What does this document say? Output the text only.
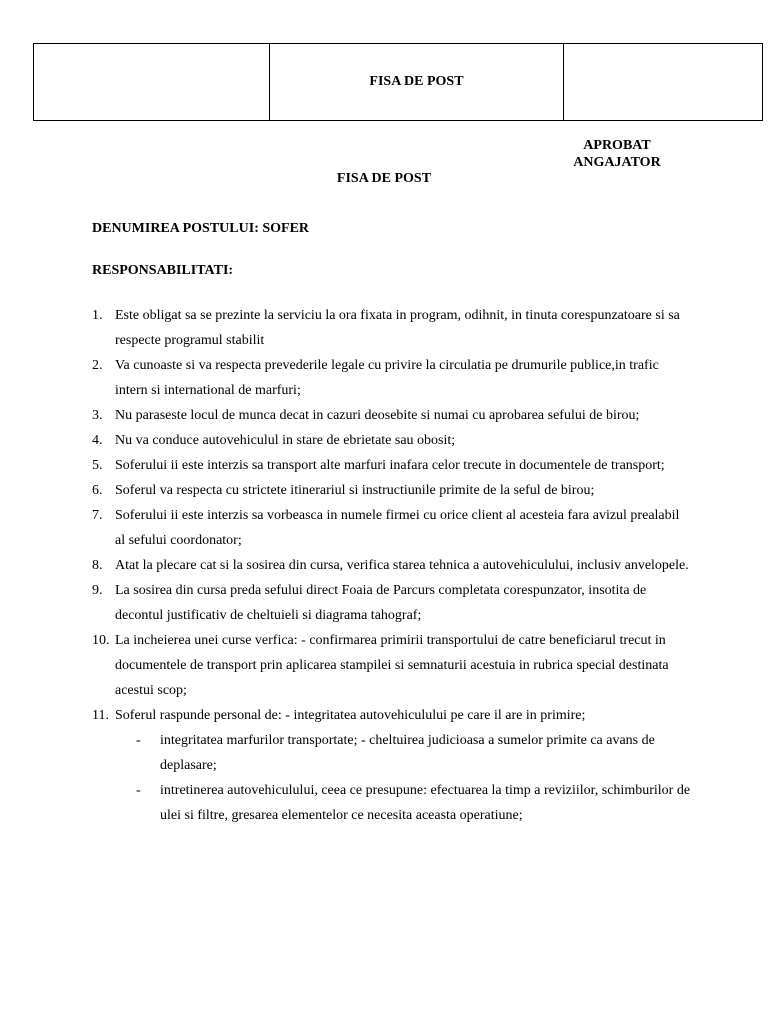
	FISA DE POST	
APROBAT
ANGAJATOR
FISA DE POST
DENUMIREA POSTULUI: SOFER
RESPONSABILITATI:
1. Este obligat sa se prezinte la serviciu la ora fixata in program, odihnit, in tinuta corespunzatoare si sa respecte programul stabilit
2. Va cunoaste si va respecta prevederile legale cu privire la circulatia pe drumurile publice,in trafic intern si international de marfuri;
3. Nu paraseste locul de munca decat in cazuri deosebite si numai cu aprobarea sefului de birou;
4. Nu va conduce autovehiculul in stare de ebrietate sau obosit;
5. Soferului ii este interzis sa transport alte marfuri inafara celor trecute in documentele de transport;
6. Soferul va respecta cu strictete itinerariul si instructiunile primite de la seful de birou;
7. Soferului ii este interzis sa vorbeasca in numele firmei cu orice client al acesteia fara avizul prealabil al sefului coordonator;
8. Atat la plecare cat si la sosirea din cursa, verifica starea tehnica a autovehiculului, inclusiv anvelopele.
9. La sosirea din cursa preda sefului direct Foaia de Parcurs completata corespunzator, insotita de decontul justificativ de cheltuieli si diagrama tahograf;
10. La incheierea unei curse verfica: - confirmarea primirii transportului de catre beneficiarul trecut in documentele de transport prin aplicarea stampilei si semnaturii acestuia in rubrica special destinata acestui scop;
11. Soferul raspunde personal de: - integritatea autovehiculului pe care il are in primire;
- integritatea marfurilor transportate; - cheltuirea judicioasa a sumelor primite ca avans de deplasare;
- intretinerea autovehiculului, ceea ce presupune: efectuarea la timp a reviziilor, schimburilor de ulei si filtre, gresarea elementelor ce necesita aceasta operatiune;
